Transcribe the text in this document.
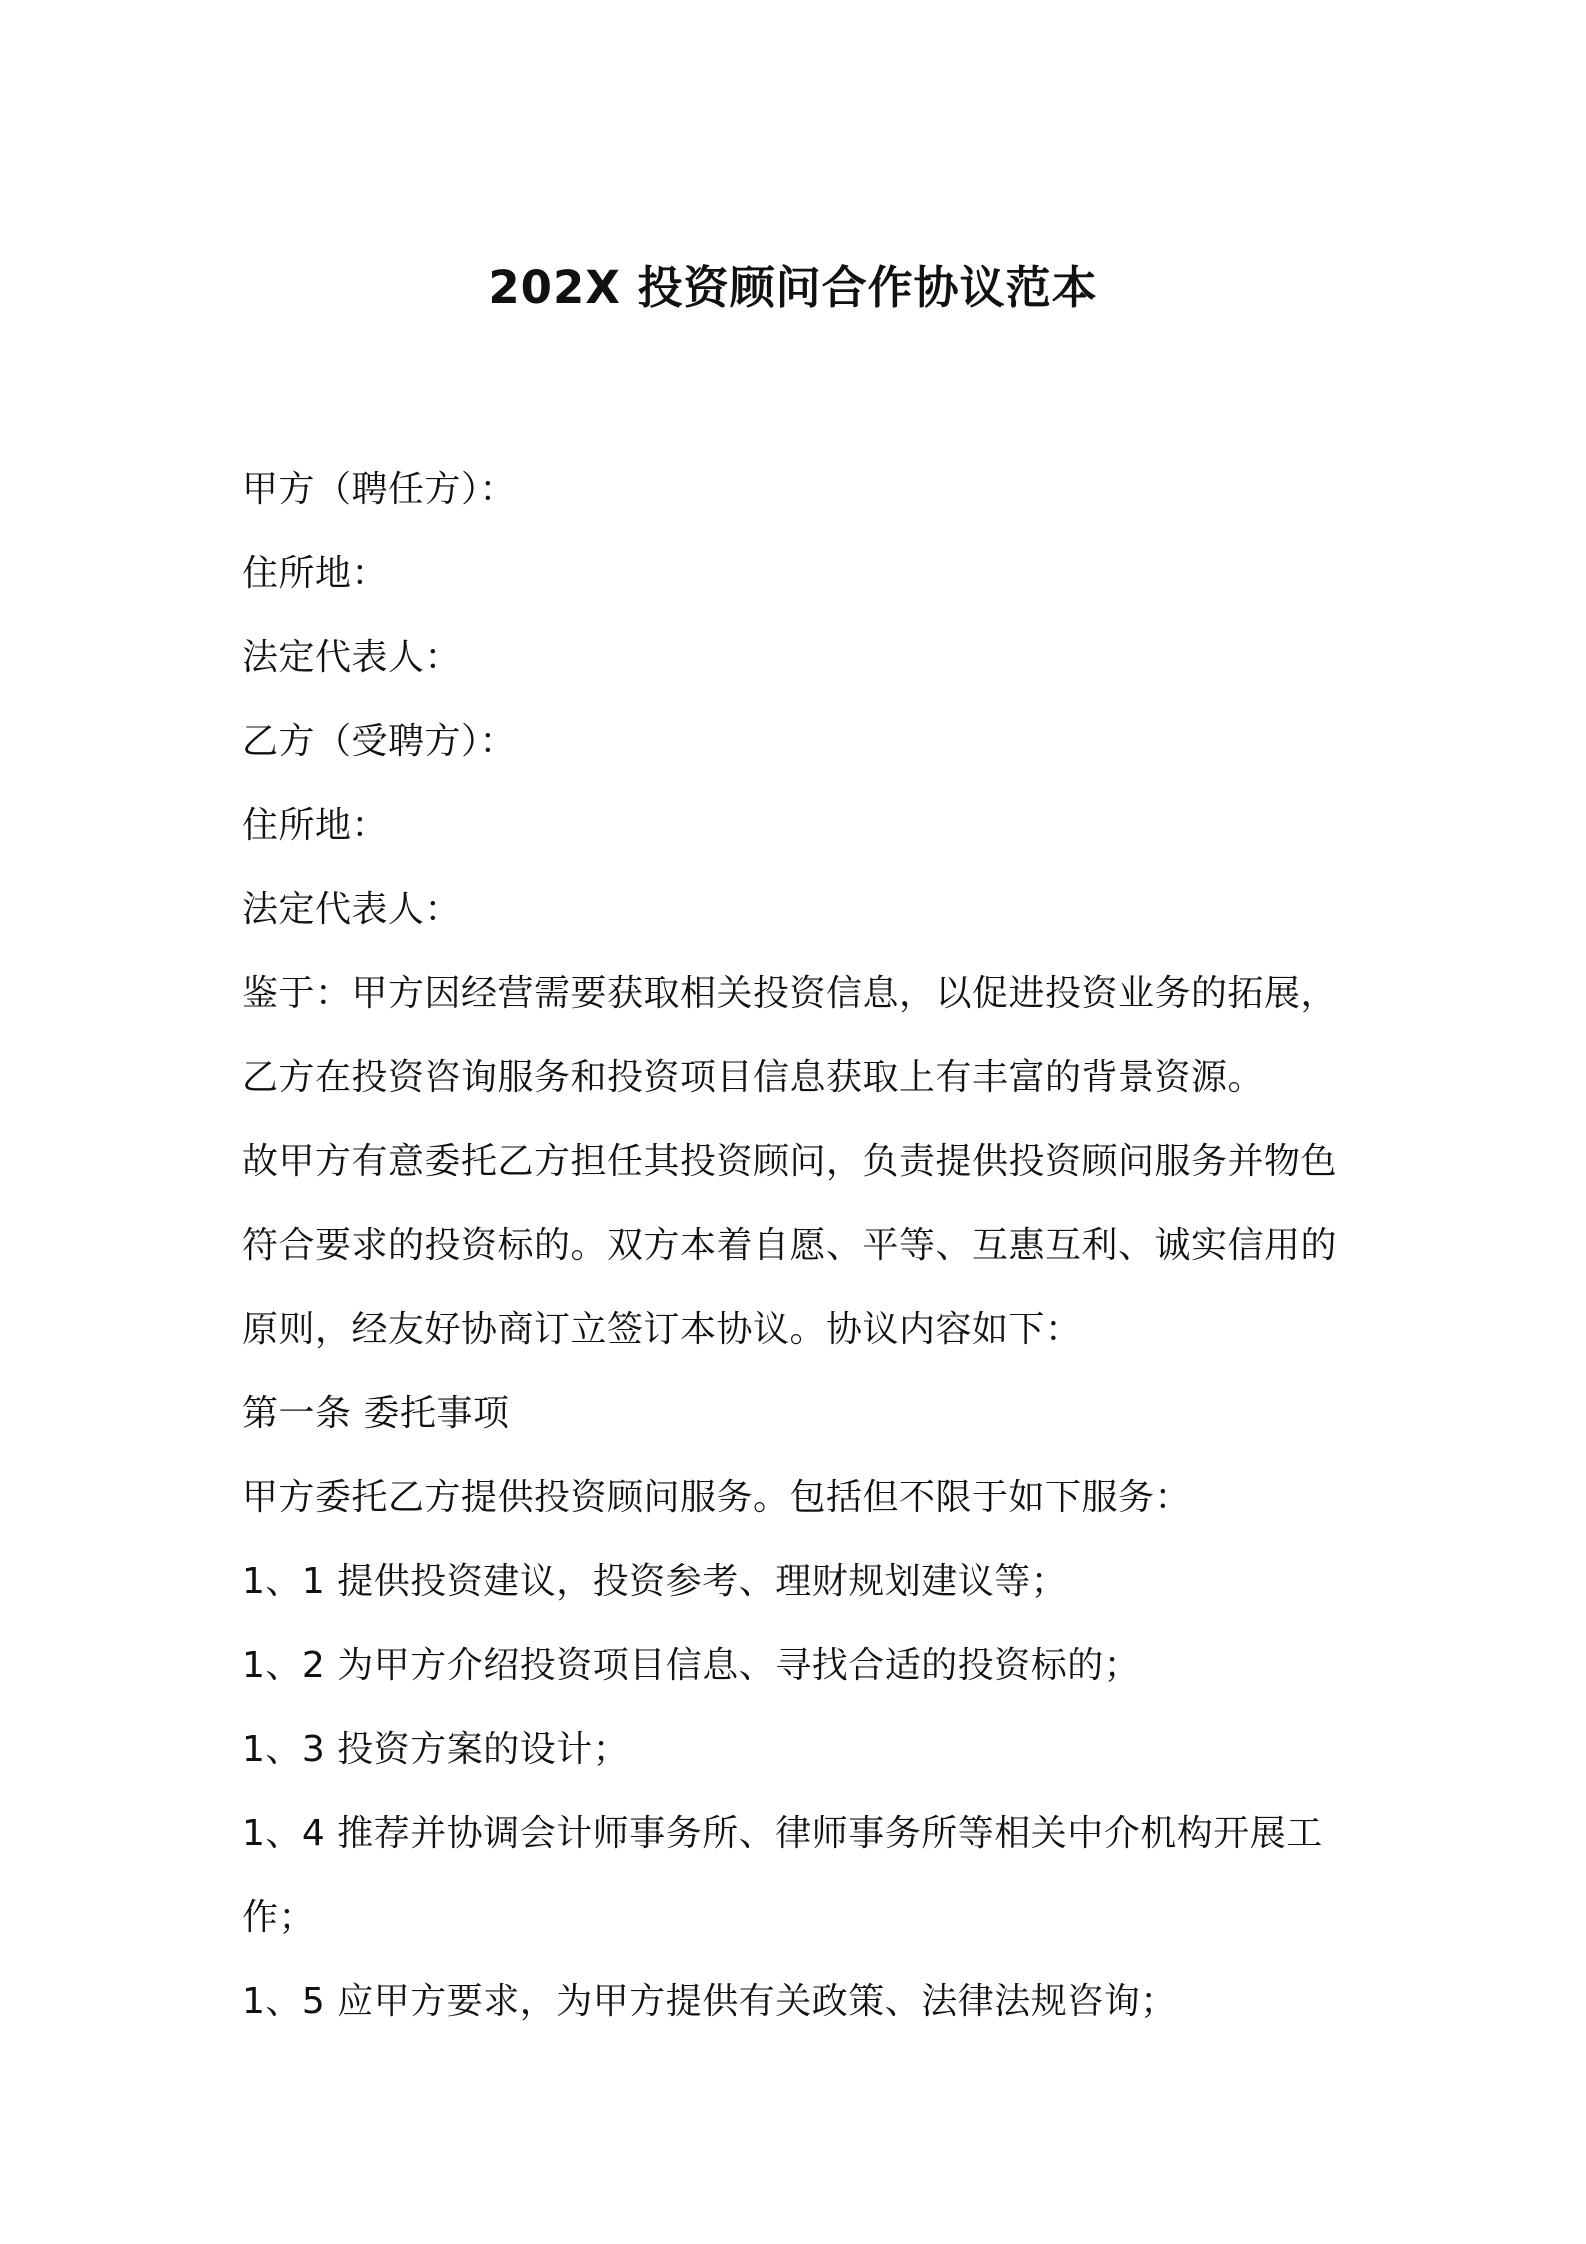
202X 投资顾问合作协议范本
甲方（聘任方）：
住所地：
法定代表人：
乙方（受聘方）：
住所地：
法定代表人：
鉴于：甲方因经营需要获取相关投资信息，以促进投资业务的拓展，
乙方在投资咨询服务和投资项目信息获取上有丰富的背景资源。
故甲方有意委托乙方担任其投资顾问，负责提供投资顾问服务并物色
符合要求的投资标的。双方本着自愿、平等、互惠互利、诚实信用的
原则，经友好协商订立签订本协议。协议内容如下：
第一条 委托事项
甲方委托乙方提供投资顾问服务。包括但不限于如下服务：
1、1 提供投资建议，投资参考、理财规划建议等；
1、2 为甲方介绍投资项目信息、寻找合适的投资标的；
1、3 投资方案的设计；
1、4 推荐并协调会计师事务所、律师事务所等相关中介机构开展工
作；
1、5 应甲方要求，为甲方提供有关政策、法律法规咨询；
